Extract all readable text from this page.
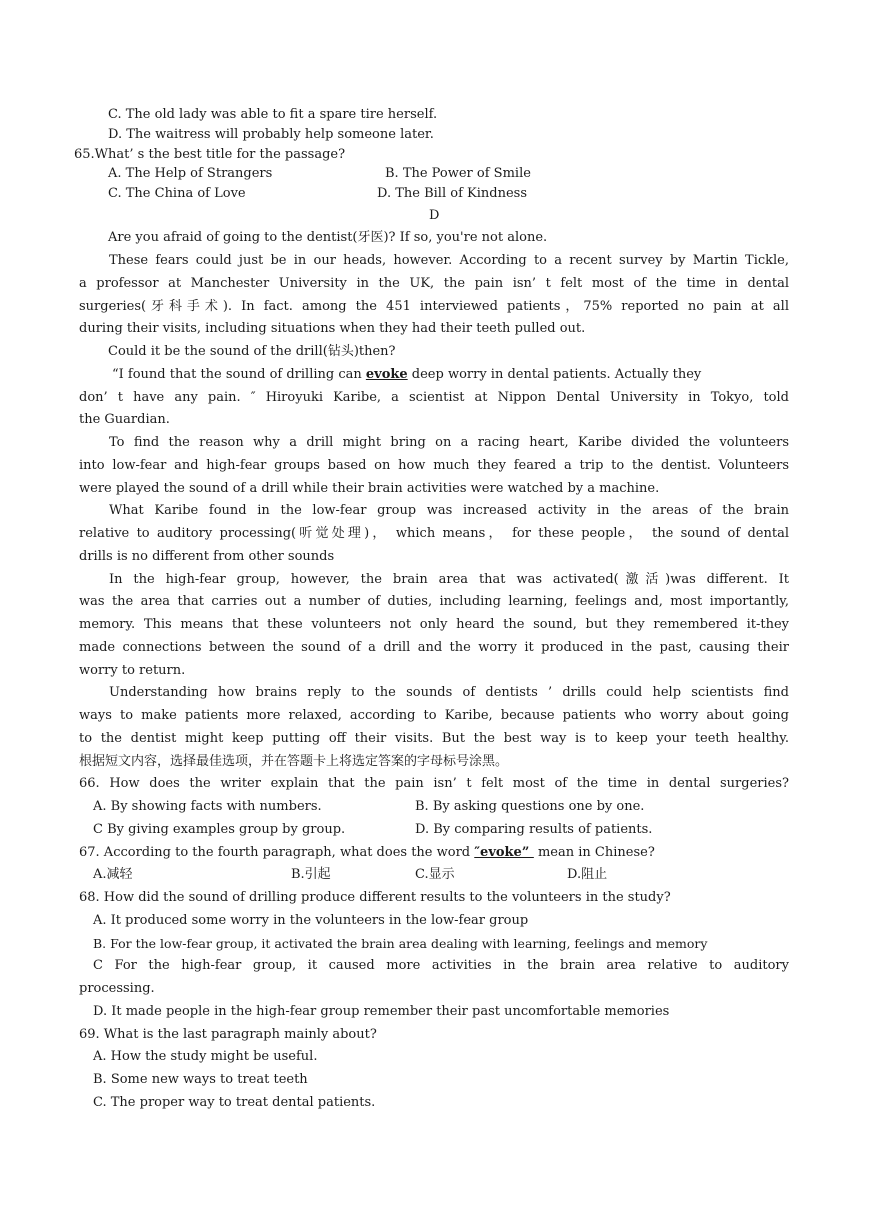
C. The old lady was able to fit a spare tire herself.
D. The waitress will probably help someone later.
65.What’ s the best title for the passage?
A. The Help of Strangers	B. The Power of Smile
C. The China of Love	D. The Bill of Kindness
D
Are you afraid of going to the dentist(牙医)? If so, you're not alone.
These fears could just be in our heads, however. According to a recent survey by Martin Tickle,
a professor at Manchester University in the UK, the pain isn’ t felt most of the time in dental
surgeries(牙科手术). In fact. among the 451 interviewed patients，75% reported no pain at all
during their visits, including situations when they had their teeth pulled out.
Could it be the sound of the drill(钻头)then?
“I found that the sound of drilling can evoke deep worry in dental patients. Actually they
don’ t have any pain. ″ Hiroyuki Karibe, a scientist at Nippon Dental University in Tokyo, told
the Guardian.
To find the reason why a drill might bring on a racing heart, Karibe divided the volunteers
into low-fear and high-fear groups based on how much they feared a trip to the dentist. Volunteers
were played the sound of a drill while their brain activities were watched by a machine.
What Karibe found in the low-fear group was increased activity in the areas of the brain
relative to auditory processing(听觉处理)， which means， for these people， the sound of dental
drills is no different from other sounds
In the high-fear group, however, the brain area that was activated(激活)was different. It
was the area that carries out a number of duties, including learning, feelings and, most importantly,
memory. This means that these volunteers not only heard the sound, but they remembered it-they
made connections between the sound of a drill and the worry it produced in the past, causing their
worry to return.
Understanding how brains reply to the sounds of dentists ’ drills could help scientists find
ways to make patients more relaxed, according to Karibe, because patients who worry about going
to the dentist might keep putting off their visits. But the best way is to keep your teeth healthy.
根据短文内容，选择最佳选项，并在答题卡上将选定答案的字母标号涂黑。
66. How does the writer explain that the pain isn’ t felt most of the time in dental surgeries?
A. By showing facts with numbers.	B. By asking questions one by one.
C By giving examples group by group.	D. By comparing results of patients.
67. According to the fourth paragraph, what does the word ″evoke”  mean in Chinese?
A.减轻	B.引起	C.显示	D.阻止
68. How did the sound of drilling produce different results to the volunteers in the study?
A. It produced some worry in the volunteers in the low-fear group
B. For the low-fear group, it activated the brain area dealing with learning, feelings and memory
C For the high-fear group, it caused more activities in the brain area relative to auditory
processing.
D. It made people in the high-fear group remember their past uncomfortable memories
69. What is the last paragraph mainly about?
A. How the study might be useful.
B. Some new ways to treat teeth
C. The proper way to treat dental patients.
